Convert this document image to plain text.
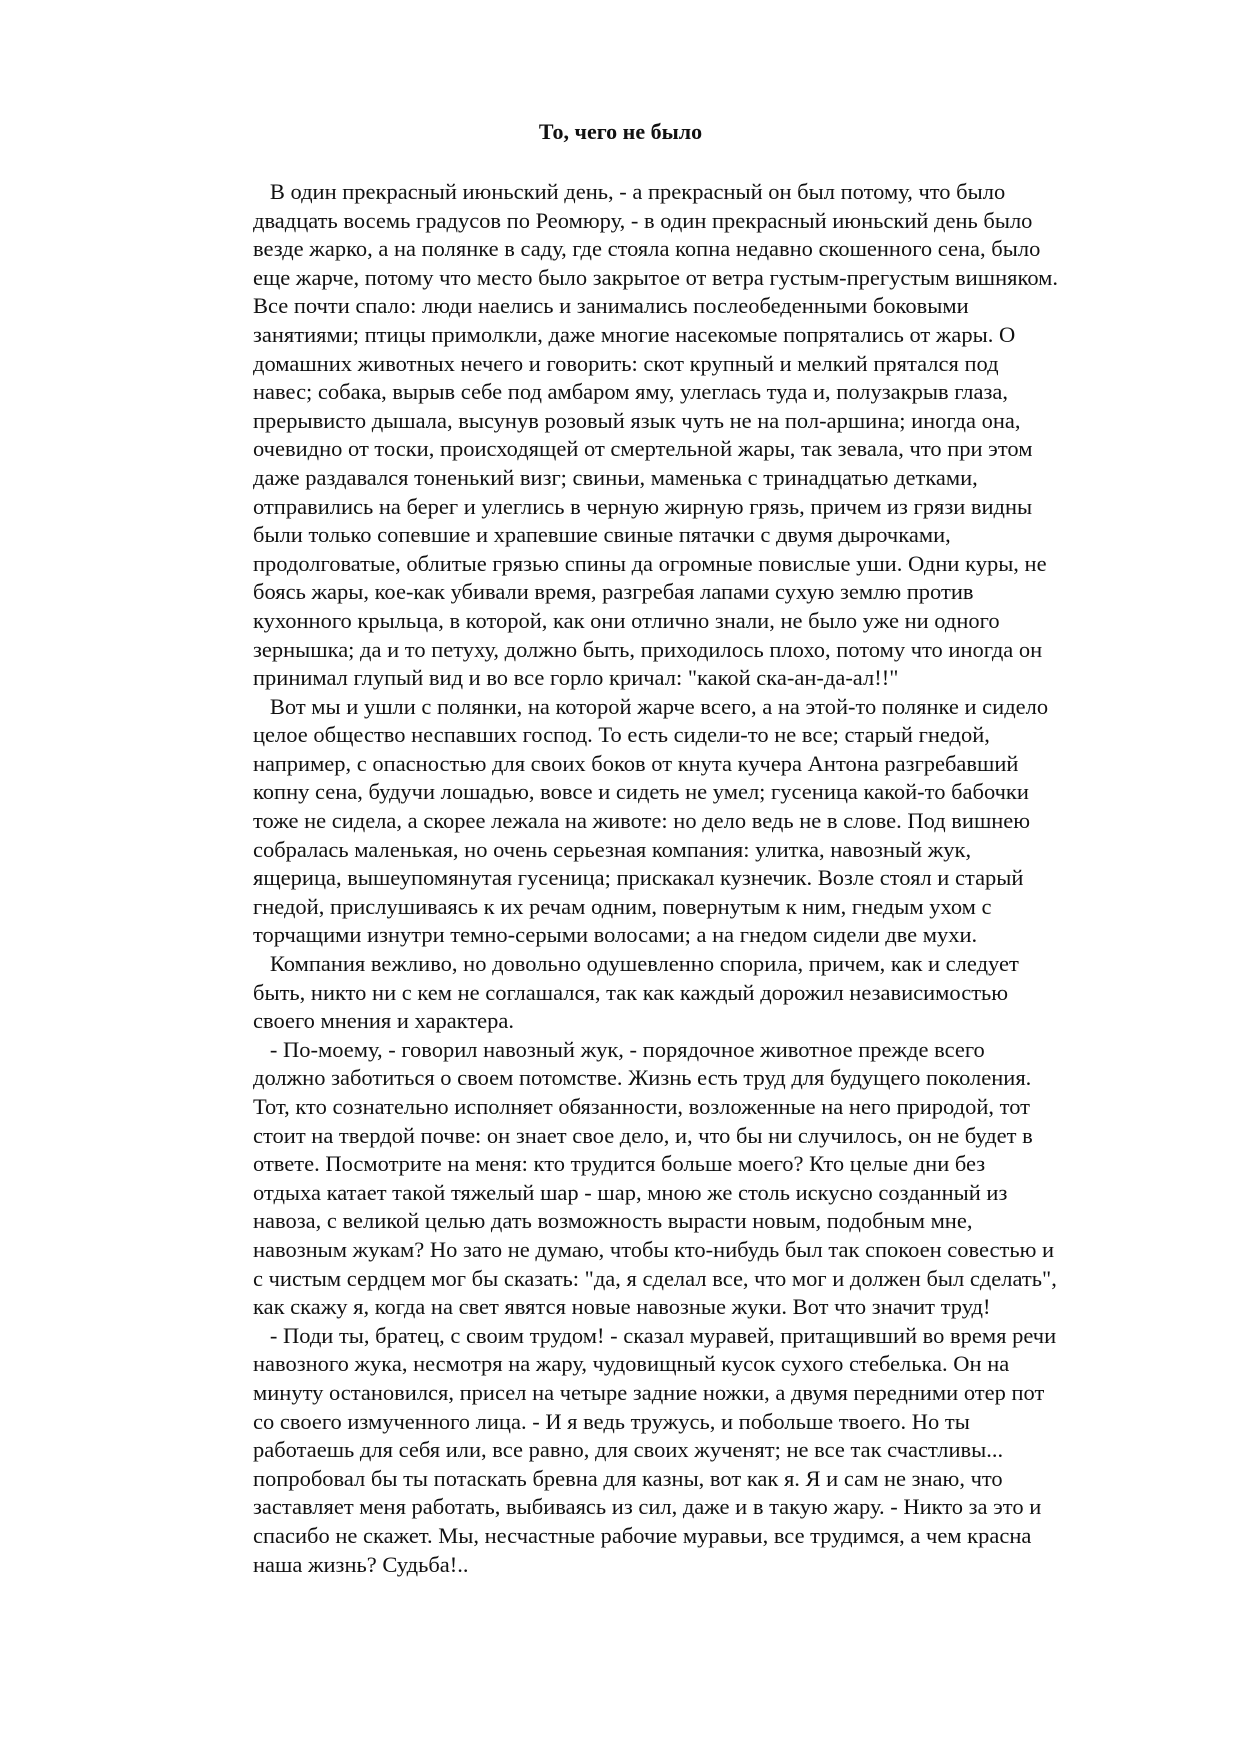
То, чего не было
В один прекрасный июньский день, - а прекрасный он был потому, что было
двадцать восемь градусов по Реомюру, - в один прекрасный июньский день было
везде жарко, а на полянке в саду, где стояла копна недавно скошенного сена, было
еще жарче, потому что место было закрытое от ветра густым-прегустым вишняком.
Все почти спало: люди наелись и занимались послеобеденными боковыми
занятиями; птицы примолкли, даже многие насекомые попрятались от жары. О
домашних животных нечего и говорить: скот крупный и мелкий прятался под
навес; собака, вырыв себе под амбаром яму, улеглась туда и, полузакрыв глаза,
прерывисто дышала, высунув розовый язык чуть не на пол-аршина; иногда она,
очевидно от тоски, происходящей от смертельной жары, так зевала, что при этом
даже раздавался тоненький визг; свиньи, маменька с тринадцатью детками,
отправились на берег и улеглись в черную жирную грязь, причем из грязи видны
были только сопевшие и храпевшие свиные пятачки с двумя дырочками,
продолговатые, облитые грязью спины да огромные повислые уши. Одни куры, не
боясь жары, кое-как убивали время, разгребая лапами сухую землю против
кухонного крыльца, в которой, как они отлично знали, не было уже ни одного
зернышка; да и то петуху, должно быть, приходилось плохо, потому что иногда он
принимал глупый вид и во все горло кричал: "какой ска-ан-да-ал!!"
Вот мы и ушли с полянки, на которой жарче всего, а на этой-то полянке и сидело
целое общество неспавших господ. То есть сидели-то не все; старый гнедой,
например, с опасностью для своих боков от кнута кучера Антона разгребавший
копну сена, будучи лошадью, вовсе и сидеть не умел; гусеница какой-то бабочки
тоже не сидела, а скорее лежала на животе: но дело ведь не в слове. Под вишнею
собралась маленькая, но очень серьезная компания: улитка, навозный жук,
ящерица, вышеупомянутая гусеница; прискакал кузнечик. Возле стоял и старый
гнедой, прислушиваясь к их речам одним, повернутым к ним, гнедым ухом с
торчащими изнутри темно-серыми волосами; а на гнедом сидели две мухи.
Компания вежливо, но довольно одушевленно спорила, причем, как и следует
быть, никто ни с кем не соглашался, так как каждый дорожил независимостью
своего мнения и характера.
- По-моему, - говорил навозный жук, - порядочное животное прежде всего
должно заботиться о своем потомстве. Жизнь есть труд для будущего поколения.
Тот, кто сознательно исполняет обязанности, возложенные на него природой, тот
стоит на твердой почве: он знает свое дело, и, что бы ни случилось, он не будет в
ответе. Посмотрите на меня: кто трудится больше моего? Кто целые дни без
отдыха катает такой тяжелый шар - шар, мною же столь искусно созданный из
навоза, с великой целью дать возможность вырасти новым, подобным мне,
навозным жукам? Но зато не думаю, чтобы кто-нибудь был так спокоен совестью и
с чистым сердцем мог бы сказать: "да, я сделал все, что мог и должен был сделать",
как скажу я, когда на свет явятся новые навозные жуки. Вот что значит труд!
- Поди ты, братец, с своим трудом! - сказал муравей, притащивший во время речи
навозного жука, несмотря на жару, чудовищный кусок сухого стебелька. Он на
минуту остановился, присел на четыре задние ножки, а двумя передними отер пот
со своего измученного лица. - И я ведь тружусь, и побольше твоего. Но ты
работаешь для себя или, все равно, для своих жученят; не все так счастливы...
попробовал бы ты потаскать бревна для казны, вот как я. Я и сам не знаю, что
заставляет меня работать, выбиваясь из сил, даже и в такую жару. - Никто за это и
спасибо не скажет. Мы, несчастные рабочие муравьи, все трудимся, а чем красна
наша жизнь? Судьба!..
